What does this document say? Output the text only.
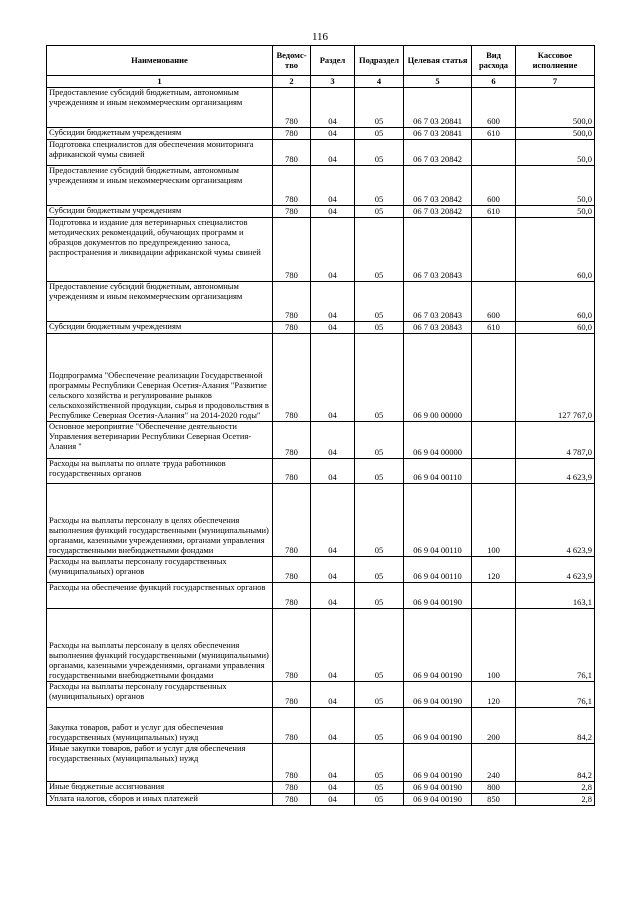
116
Наименование	Ведомс-тво	Раздел	Подраздел	Целевая статья	Вид расхода	Кассовое исполнение
1	2	3	4	5	6	7
Предоставление субсидий бюджетным, автономным учреждениям и иным некоммерческим организациям	780	04	05	06 7 03 20841	600	500,0
Субсидии бюджетным учреждениям	780	04	05	06 7 03 20841	610	500,0
Подготовка специалистов для обеспечения мониторинга африканской чумы свиней	780	04	05	06 7 03 20842		50,0
Предоставление субсидий бюджетным, автономным учреждениям и иным некоммерческим организациям	780	04	05	06 7 03 20842	600	50,0
Субсидии бюджетным учреждениям	780	04	05	06 7 03 20842	610	50,0
Подготовка и издание для ветеринарных специалистов методических рекомендаций, обучающих программ и образцов документов по предупреждению заноса, распространения и ликвидации африканской чумы свиней	780	04	05	06 7 03 20843		60,0
Предоставление субсидий бюджетным, автономным учреждениям и иным некоммерческим организациям	780	04	05	06 7 03 20843	600	60,0
Субсидии бюджетным учреждениям	780	04	05	06 7 03 20843	610	60,0
Подпрограмма "Обеспечение реализации Государственной программы Республики Северная Осетия-Алания "Развитие сельского хозяйства и регулирование рынков сельскохозяйственной продукции, сырья и продовольствия в Республике Северная Осетия-Алания" на 2014-2020 годы"	780	04	05	06 9 00 00000		127 767,0
Основное мероприятие "Обеспечение деятельности Управления ветеринарии Республики Северная Осетия-Алания "	780	04	05	06 9 04 00000		4 787,0
Расходы на выплаты по оплате труда работников государственных органов	780	04	05	06 9 04 00110		4 623,9
Расходы на выплаты персоналу в целях обеспечения выполнения функций государственными (муниципальными) органами, казенными учреждениями, органами управления государственными внебюджетными фондами	780	04	05	06 9 04 00110	100	4 623,9
Расходы на выплаты персоналу государственных (муниципальных) органов	780	04	05	06 9 04 00110	120	4 623,9
Расходы на обеспечение функций государственных органов	780	04	05	06 9 04 00190		163,1
Расходы на выплаты персоналу в целях обеспечения выполнения функций государственными (муниципальными) органами, казенными учреждениями, органами управления государственными внебюджетными фондами	780	04	05	06 9 04 00190	100	76,1
Расходы на выплаты персоналу государственных (муниципальных) органов	780	04	05	06 9 04 00190	120	76,1
Закупка товаров, работ и услуг для обеспечения государственных (муниципальных) нужд	780	04	05	06 9 04 00190	200	84,2
Иные закупки товаров, работ и услуг для обеспечения государственных (муниципальных) нужд	780	04	05	06 9 04 00190	240	84,2
Иные бюджетные ассигнования	780	04	05	06 9 04 00190	800	2,8
Уплата налогов, сборов и иных платежей	780	04	05	06 9 04 00190	850	2,8
